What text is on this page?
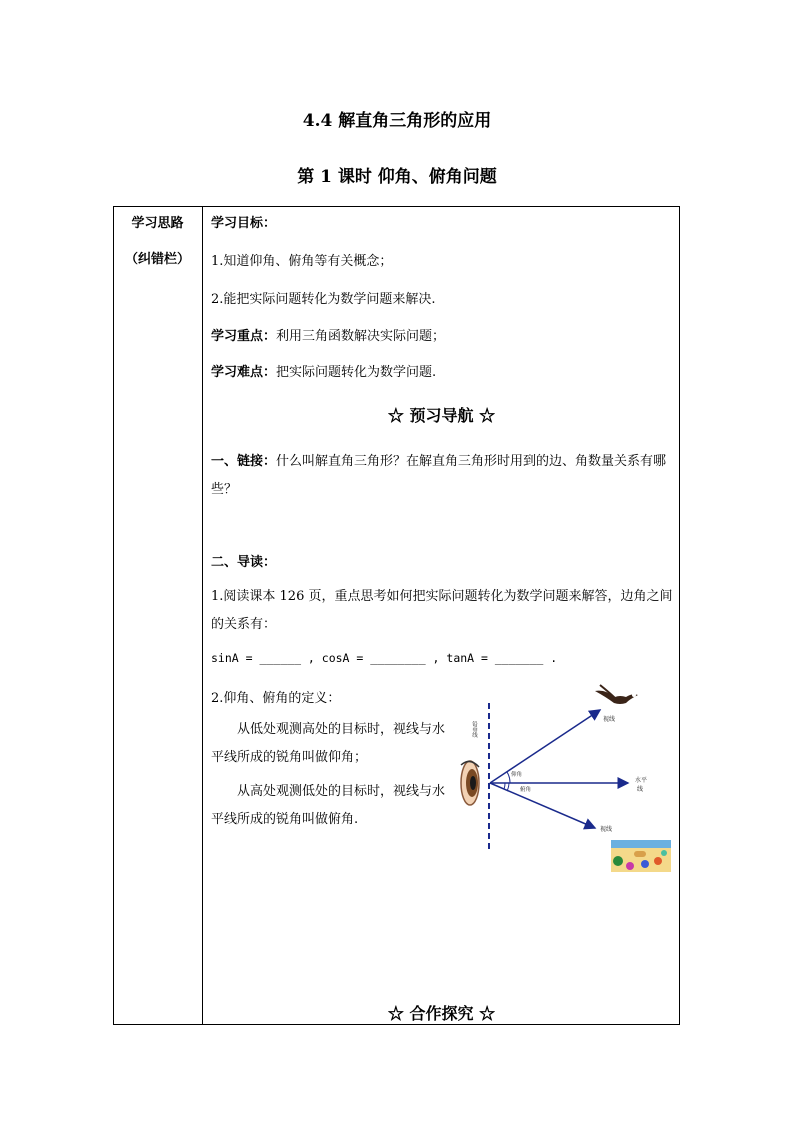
4.4 解直角三角形的应用
第 1 课时 仰角、俯角问题
学习思路
（纠错栏）
学习目标：
1.知道仰角、俯角等有关概念；
2.能把实际问题转化为数学问题来解决.
学习重点：利用三角函数解决实际问题；
学习难点：把实际问题转化为数学问题.
☆ 预习导航 ☆
一、链接：什么叫解直角三角形？在解直角三角形时用到的边、角数量关系有哪些？
二、导读：
1.阅读课本 126 页，重点思考如何把实际问题转化为数学问题来解答，边角之间的关系有：
sinA = ______ , cosA = ________ , tanA = _______ .
2.仰角、俯角的定义：
从低处观测高处的目标时，视线与水平线所成的锐角叫做仰角；
从高处观测低处的目标时，视线与水平线所成的锐角叫做俯角.
铅垂线
视线
视线
水平
线
仰角
俯角
☆ 合作探究 ☆
